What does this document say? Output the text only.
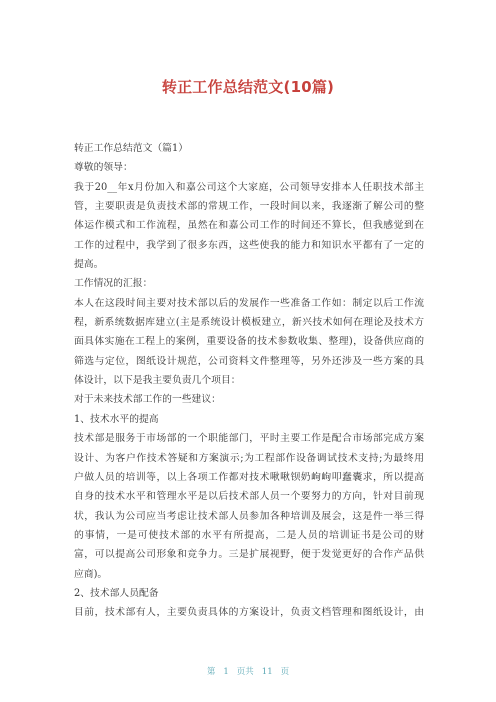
转正工作总结范文(10篇)
转正工作总结范文（篇1）
尊敬的领导：
我于20__年x月份加入和嘉公司这个大家庭，公司领导安排本人任职技术部主
管，主要职责是负责技术部的常规工作，一段时间以来，我逐渐了解公司的整
体运作模式和工作流程，虽然在和嘉公司工作的时间还不算长，但我感觉到在
工作的过程中，我学到了很多东西，这些使我的能力和知识水平都有了一定的
提高。
工作情况的汇报：
本人在这段时间主要对技术部以后的发展作一些准备工作如：制定以后工作流
程，新系统数据库建立(主是系统设计模板建立，新兴技术如何在理论及技术方
面具体实施在工程上的案例，重要设备的技术参数收集、整理)，设备供应商的
筛选与定位，图纸设计规范，公司资料文件整理等，另外还涉及一些方案的具
体设计，以下是我主要负责几个项目：
对于未来技术部工作的一些建议：
1、技术水平的提高
技术部是服务于市场部的一个职能部门，平时主要工作是配合市场部完成方案
设计、为客户作技术答疑和方案演示;为工程部作设备调试技术支持;为最终用
户做人员的培训等，以上各项工作都对技术啾啾钡奶岣岣叩蠢囊求，所以提高
自身的技术水平和管理水平是以后技术部人员一个要努力的方向，针对目前现
状，我认为公司应当考虑让技术部人员参加各种培训及展会，这是件一举三得
的事情，一是可使技术部的水平有所提高，二是人员的培训证书是公司的财
富，可以提高公司形象和竞争力。三是扩展视野，便于发觉更好的合作产品供
应商)。
2、技术部人员配备
目前，技术部有人，主要负责具体的方案设计，负责文档管理和图纸设计，由
第 1 页共 11 页
